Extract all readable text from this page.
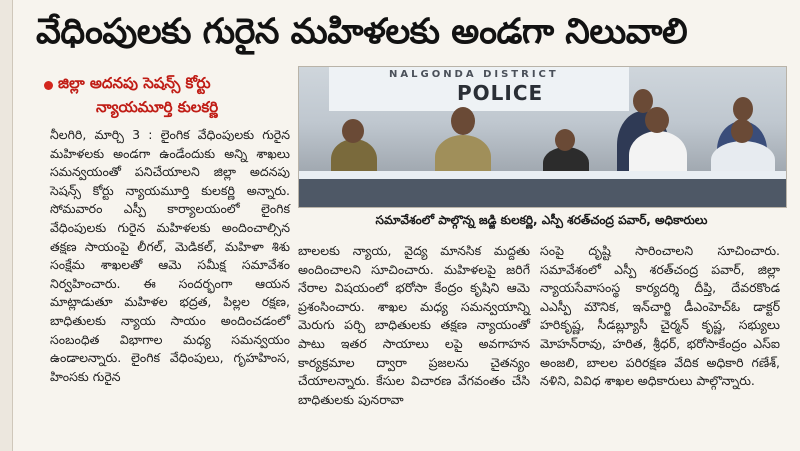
వేధింపులకు గురైన మహిళలకు అండగా నిలువాలి
జిల్లా అదనపు సెషన్స్ కోర్టు
న్యాయమూర్తి కులకర్ణి
నీలగిరి, మార్చి 3 : లైంగిక వేధింపులకు గురైన మహిళలకు అండగా ఉండేందుకు అన్ని శాఖలు సమన్వయంతో పనిచేయాలని జిల్లా అదనపు సెషన్స్ కోర్టు న్యాయమూర్తి కులకర్ణి అన్నారు. సోమవారం ఎస్పీ కార్యాలయంలో లైంగిక వేధింపులకు గురైన మహిళలకు అందించాల్సిన తక్షణ సాయంపై లీగల్, మెడికల్, మహిళా శిశు సంక్షేమ శాఖలతో ఆమె సమీక్ష సమావేశం నిర్వహించారు. ఈ సందర్భంగా ఆయన మాట్లాడుతూ మహిళల భద్రత, పిల్లల రక్షణ, బాధితులకు న్యాయ సాయం అందించడంలో సంబంధిత విభాగాల మధ్య సమన్వయం ఉండాలన్నారు. లైంగిక వేధింపులు, గృహహింస, హింసకు గురైన
NALGONDA DISTRICT
POLICE
సమావేశంలో పాల్గొన్న జడ్జి కులకర్ణి, ఎస్పీ శరత్‌చంద్ర పవార్, అధికారులు
బాలలకు న్యాయ, వైద్య మానసిక మద్దతు అందించాలని సూచించారు. మహిళలపై జరిగే నేరాల విషయంలో భరోసా కేంద్రం కృషిని ఆమె ప్రశంసించారు. శాఖల మధ్య సమన్వయాన్ని మెరుగు పర్చి బాధితులకు తక్షణ న్యాయంతో పాటు ఇతర సాయాలు లపై అవగాహన కార్యక్రమాల ద్వారా ప్రజలను చైతన్యం చేయాలన్నారు. కేసుల విచారణ వేగవంతం చేసి బాధితులకు పునరావా
సంపై దృష్టి సారించాలని సూచించారు. సమావేశంలో ఎస్పీ శరత్‌చంద్ర పవార్, జిల్లా న్యాయసేవాసంస్థ కార్యదర్శి దీప్తి, దేవరకొండ ఎఎస్పీ మౌనిక, ఇన్‌చార్జి డీఎంహెచ్‌ఓ డాక్టర్ హరికృష్ణ, సీడబ్ల్యూసీ చైర్మన్ కృష్ణ, సభ్యులు మోహన్‌రావు, హరిత, శ్రీధర్, భరోసాకేంద్రం ఎస్ఐ అంజలి, బాలల పరిరక్షణ వేదిక అధికారి గణేశ్, నళిని, వివిధ శాఖల అధికారులు పాల్గొన్నారు.
